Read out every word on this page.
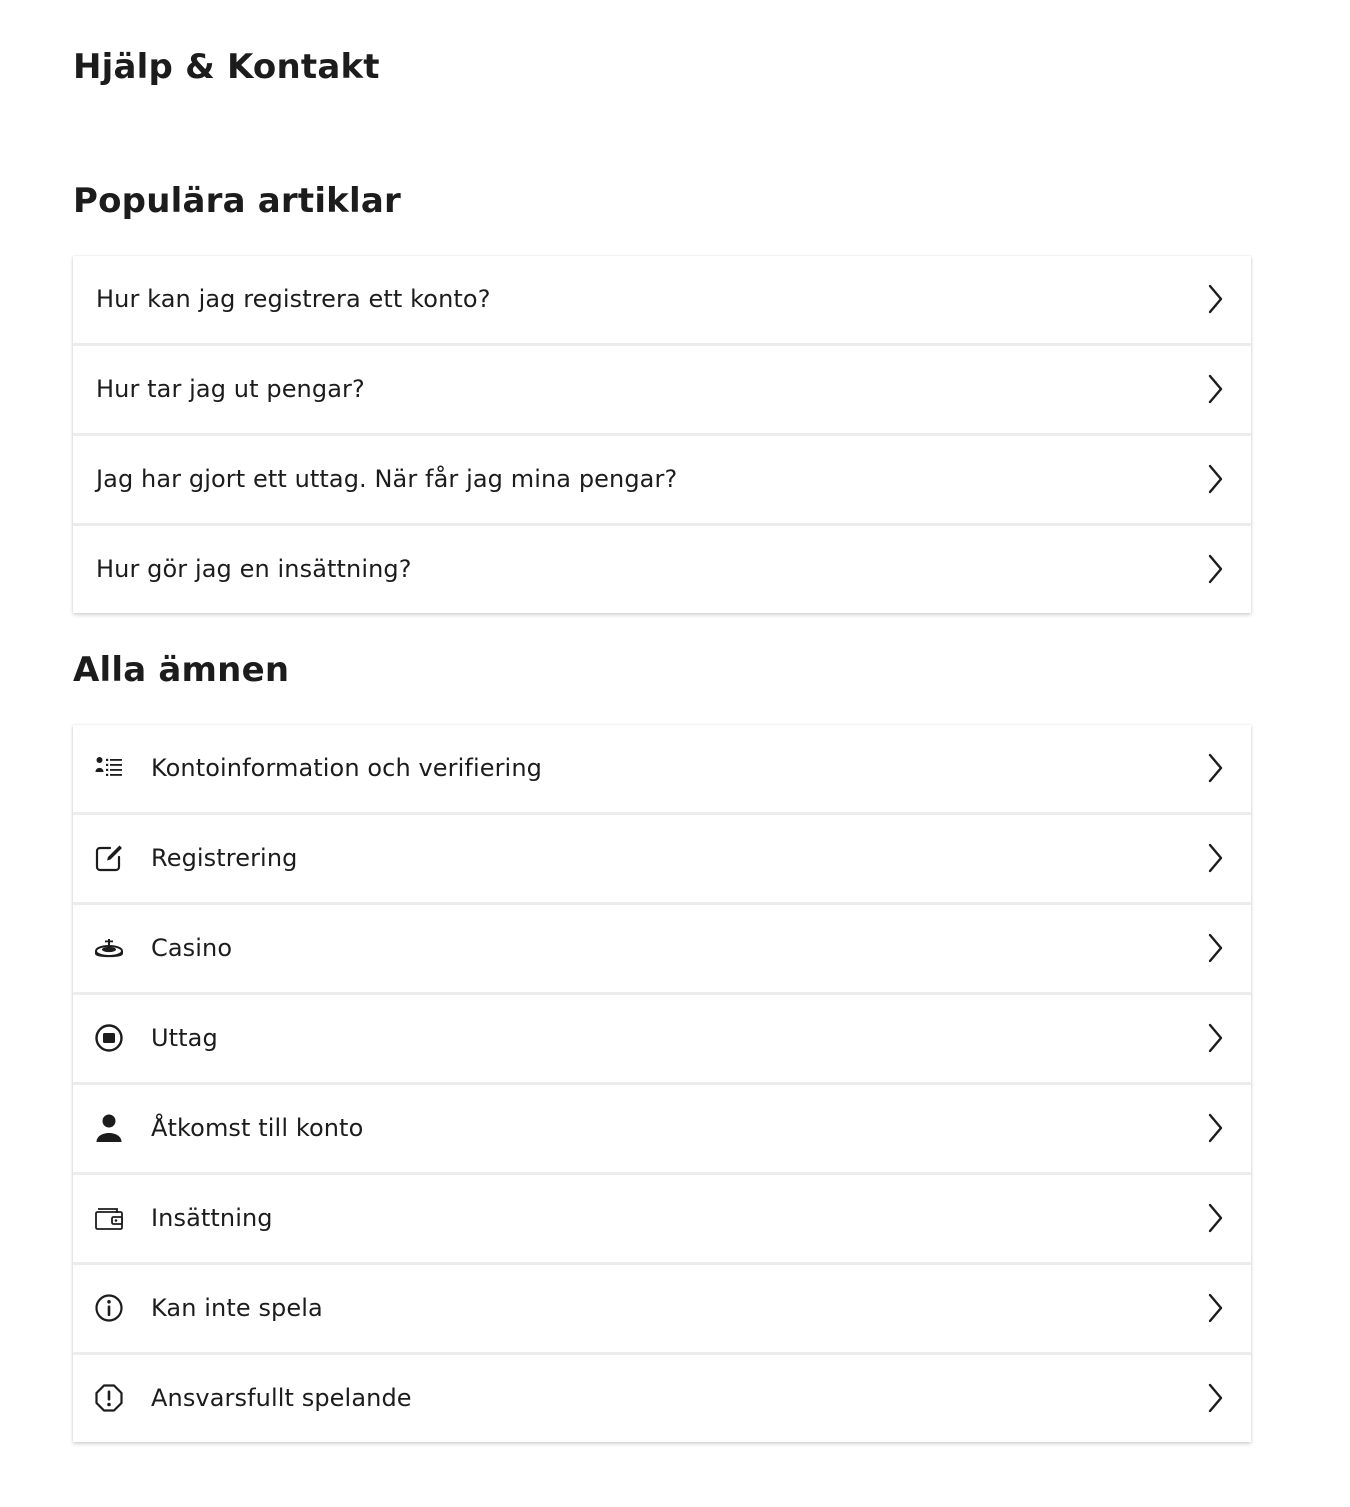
Hjälp & Kontakt
Populära artiklar
Hur kan jag registrera ett konto?
Hur tar jag ut pengar?
Jag har gjort ett uttag. När får jag mina pengar?
Hur gör jag en insättning?
Alla ämnen
Kontoinformation och verifiering
Registrering
Casino
Uttag
Åtkomst till konto
Insättning
Kan inte spela
Ansvarsfullt spelande
